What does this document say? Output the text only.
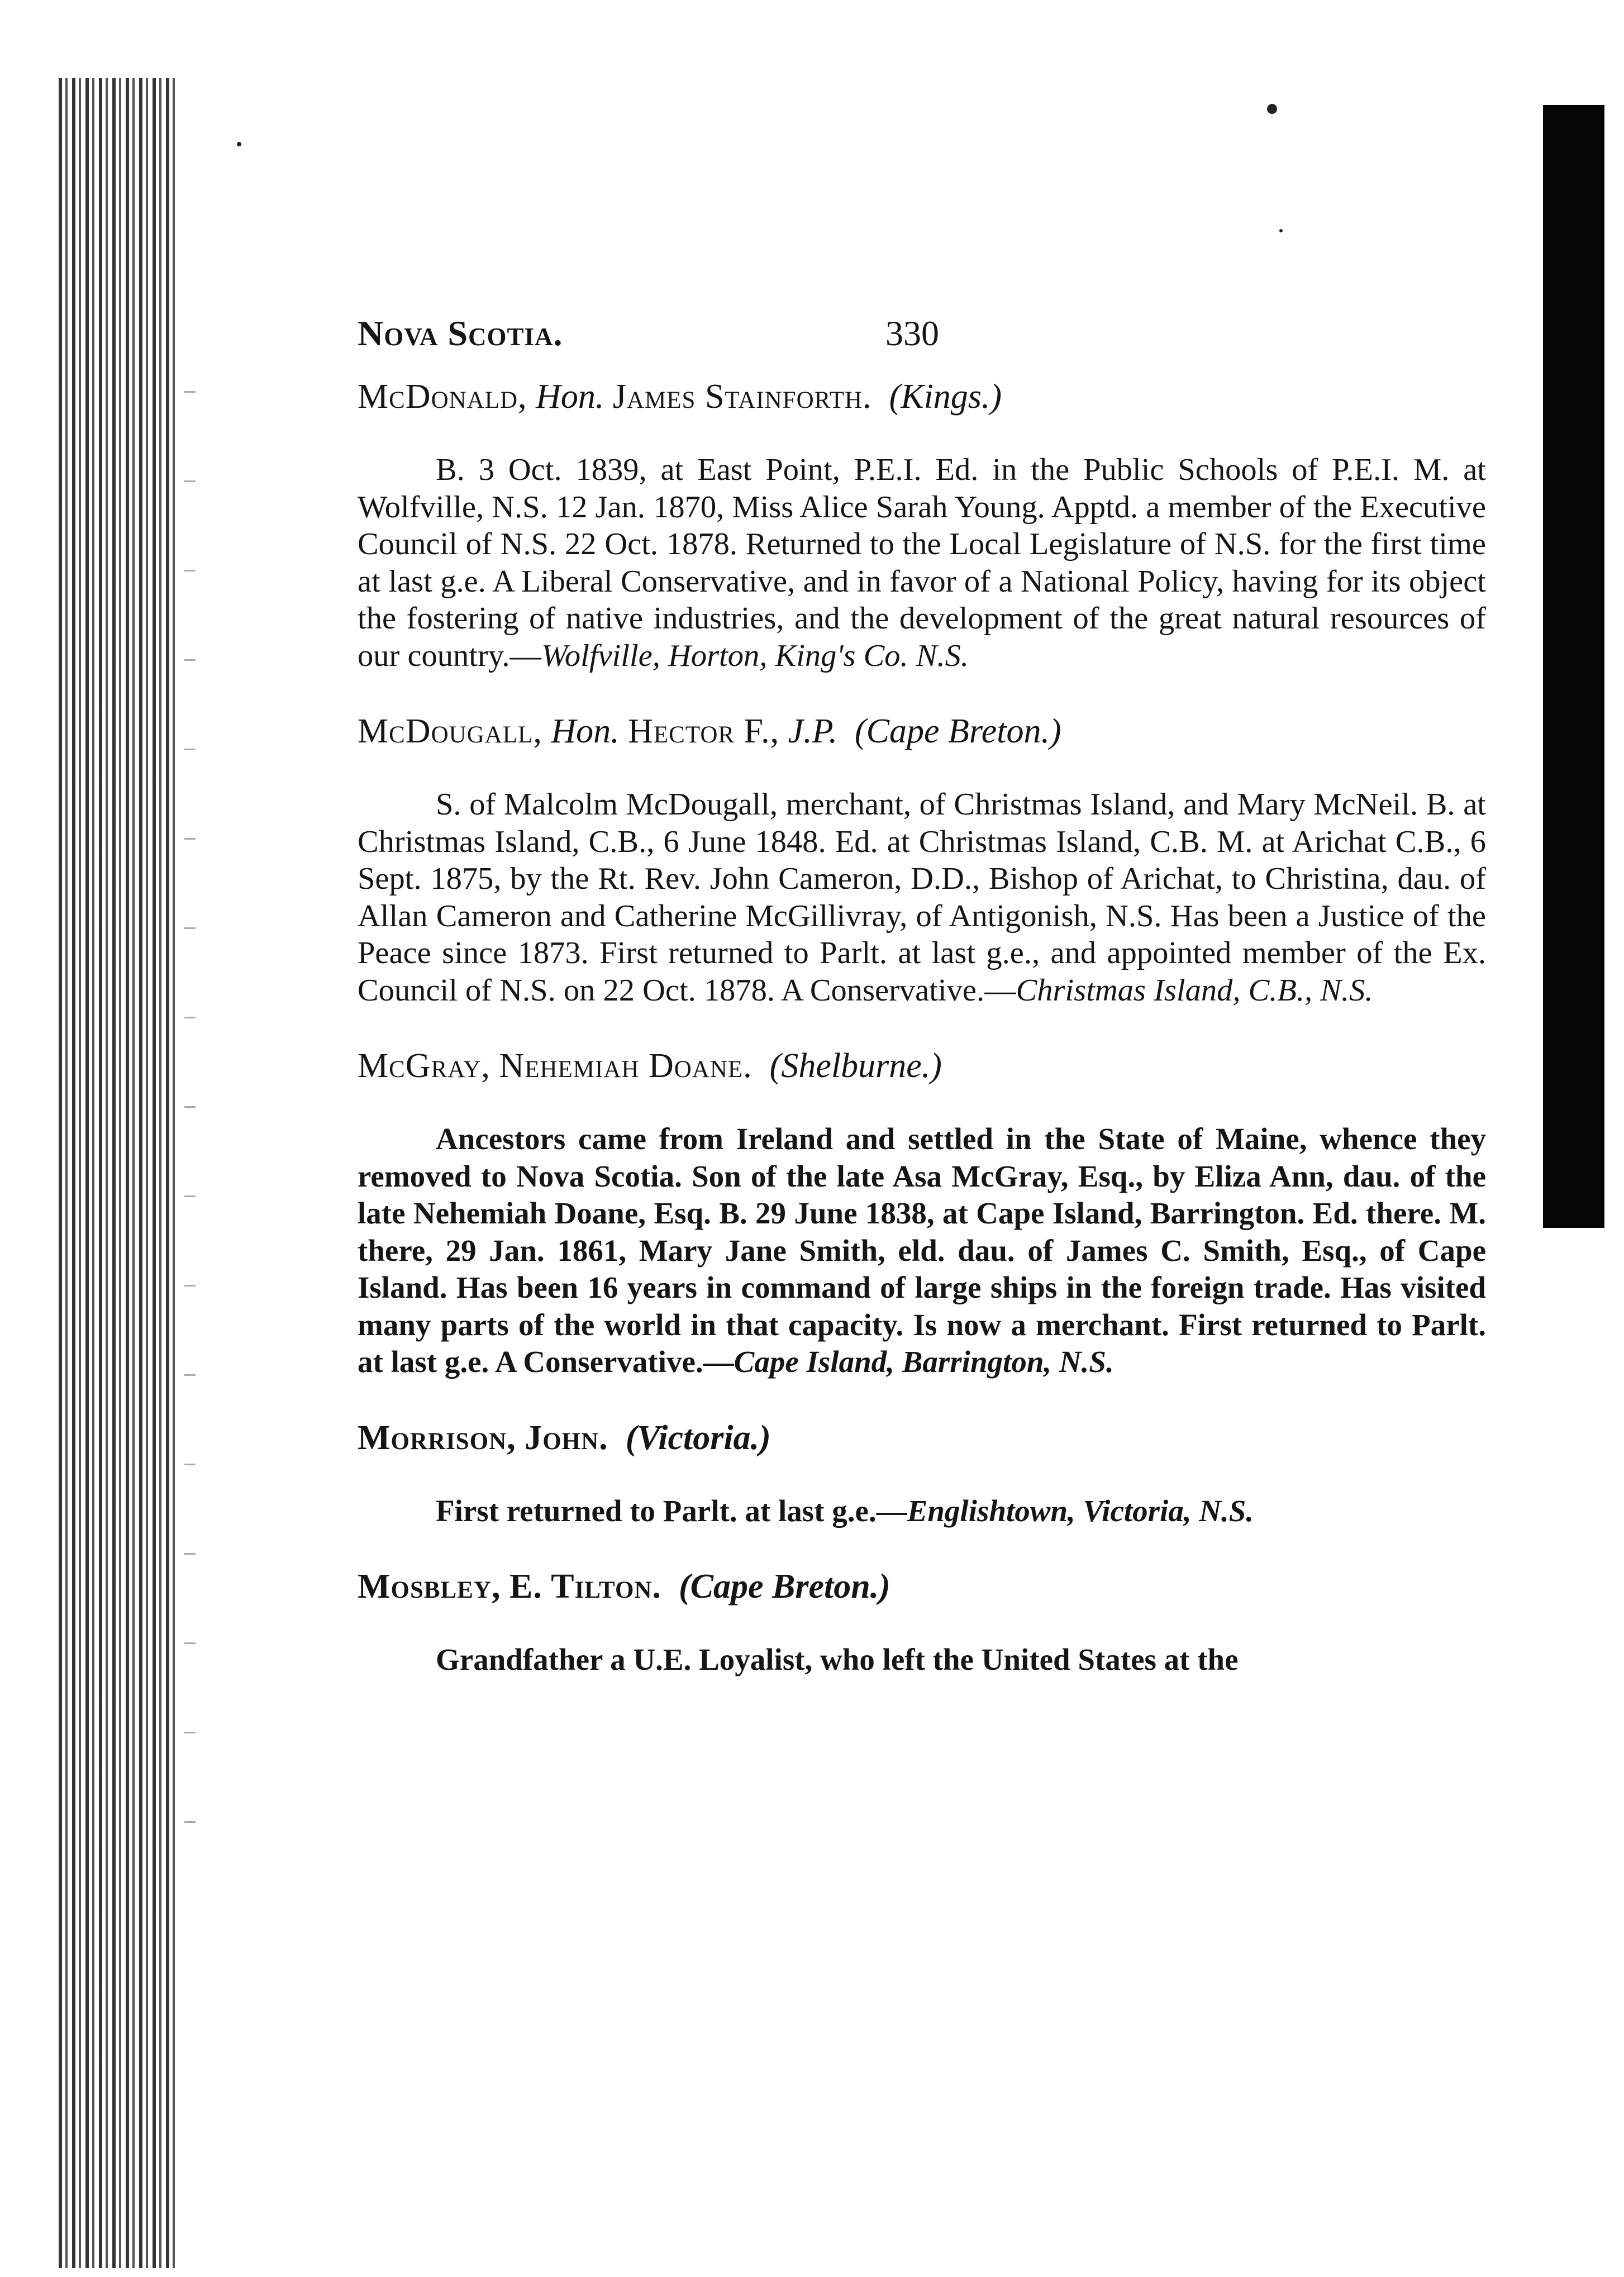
Nova Scotia.	330

McDonald, Hon. James Stainforth. (Kings.)

B. 3 Oct. 1839, at East Point, P.E.I. Ed. in the Public Schools of P.E.I. M. at Wolfville, N.S. 12 Jan. 1870, Miss Alice Sarah Young. Apptd. a member of the Executive Council of N.S. 22 Oct. 1878. Returned to the Local Legislature of N.S. for the first time at last g.e. A Liberal Conservative, and in favor of a National Policy, having for its object the fostering of native industries, and the development of the great natural resources of our country.—Wolfville, Horton, King's Co. N.S.

McDougall, Hon. Hector F., J.P. (Cape Breton.)

S. of Malcolm McDougall, merchant, of Christmas Island, and Mary McNeil. B. at Christmas Island, C.B., 6 June 1848. Ed. at Christmas Island, C.B. M. at Arichat C.B., 6 Sept. 1875, by the Rt. Rev. John Cameron, D.D., Bishop of Arichat, to Christina, dau. of Allan Cameron and Catherine McGillivray, of Antigonish, N.S. Has been a Justice of the Peace since 1873. First returned to Parlt. at last g.e., and appointed member of the Ex. Council of N.S. on 22 Oct. 1878. A Conservative.—Christmas Island, C.B., N.S.

McGray, Nehemiah Doane. (Shelburne.)

Ancestors came from Ireland and settled in the State of Maine, whence they removed to Nova Scotia. Son of the late Asa McGray, Esq., by Eliza Ann, dau. of the late Nehemiah Doane, Esq. B. 29 June 1838, at Cape Island, Barrington. Ed. there. M. there, 29 Jan. 1861, Mary Jane Smith, eld. dau. of James C. Smith, Esq., of Cape Island. Has been 16 years in command of large ships in the foreign trade. Has visited many parts of the world in that capacity. Is now a merchant. First returned to Parlt. at last g.e. A Conservative.—Cape Island, Barrington, N.S.

Morrison, John. (Victoria.)

First returned to Parlt. at last g.e.—Englishtown, Victoria, N.S.

Mosbley, E. Tilton. (Cape Breton.)

Grandfather a U.E. Loyalist, who left the United States at the
